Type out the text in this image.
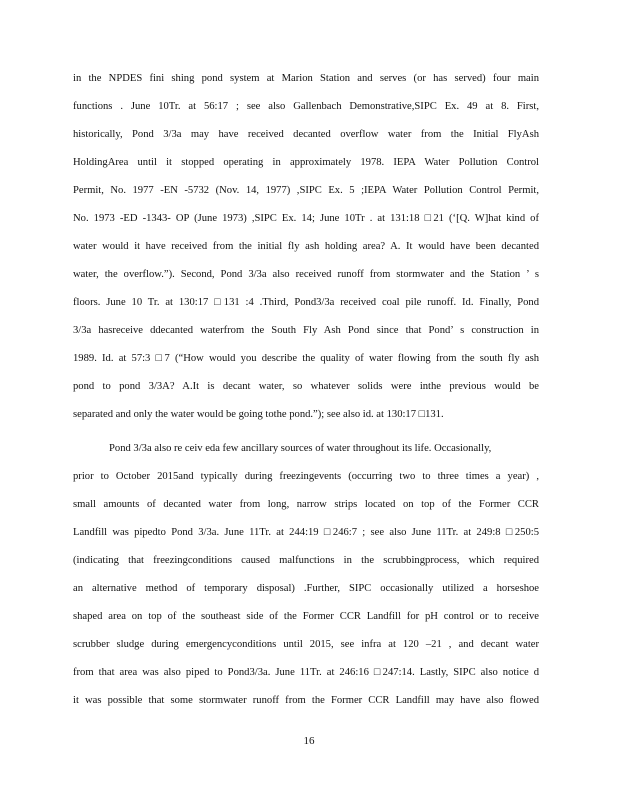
in the NPDES fini shing pond system at Marion Station and serves (or has served) four main
functions . June 10Tr. at 56:17 ; see also Gallenbach Demonstrative,SIPC Ex. 49 at 8. First,
historically, Pond 3/3a may have received decanted overflow water from the Initial FlyAsh
HoldingArea until it stopped operating in approximately 1978. IEPA Water Pollution Control
Permit, No. 1977 -EN -5732 (Nov. 14, 1977) ,SIPC Ex. 5 ;IEPA Water Pollution Control Permit,
No. 1973 -ED -1343- OP (June 1973) ,SIPC Ex. 14; June 10Tr . at 131:18 □21 (‘[Q. W]hat kind of
water would it have received from the initial fly ash holding area? A. It would have been decanted
water, the overflow.”). Second, Pond 3/3a also received runoff from stormwater and the Station ’ s
floors. June 10 Tr. at 130:17 □131 :4 .Third, Pond3/3a received coal pile runoff. Id. Finally, Pond
3/3a hasreceive ddecanted waterfrom the South Fly Ash Pond since that Pond’ s construction in
1989. Id. at 57:3 □7 (“How would you describe the quality of water flowing from the south fly ash
pond to pond 3/3A? A.It is decant water, so whatever solids were inthe previous would be
separated and only the water would be going tothe pond.”); see also id. at 130:17 □131.
Pond 3/3a also re ceiv eda few ancillary sources of water throughout its life. Occasionally,
prior to October 2015and typically during freezingevents (occurring two to three times a year) ,
small amounts of decanted water from long, narrow strips located on top of the Former CCR
Landfill was pipedto Pond 3/3a. June 11Tr. at 244:19 □246:7 ; see also June 11Tr. at 249:8 □250:5
(indicating that freezingconditions caused malfunctions in the scrubbingprocess, which required
an alternative method of temporary disposal) .Further, SIPC occasionally utilized a horseshoe
shaped area on top of the southeast side of the Former CCR Landfill for pH control or to receive
scrubber sludge during emergencyconditions until 2015, see infra at 120 –21 , and decant water
from that area was also piped to Pond3/3a. June 11Tr. at 246:16 □247:14. Lastly, SIPC also notice d
it was possible that some stormwater runoff from the Former CCR Landfill may have also flowed
16
